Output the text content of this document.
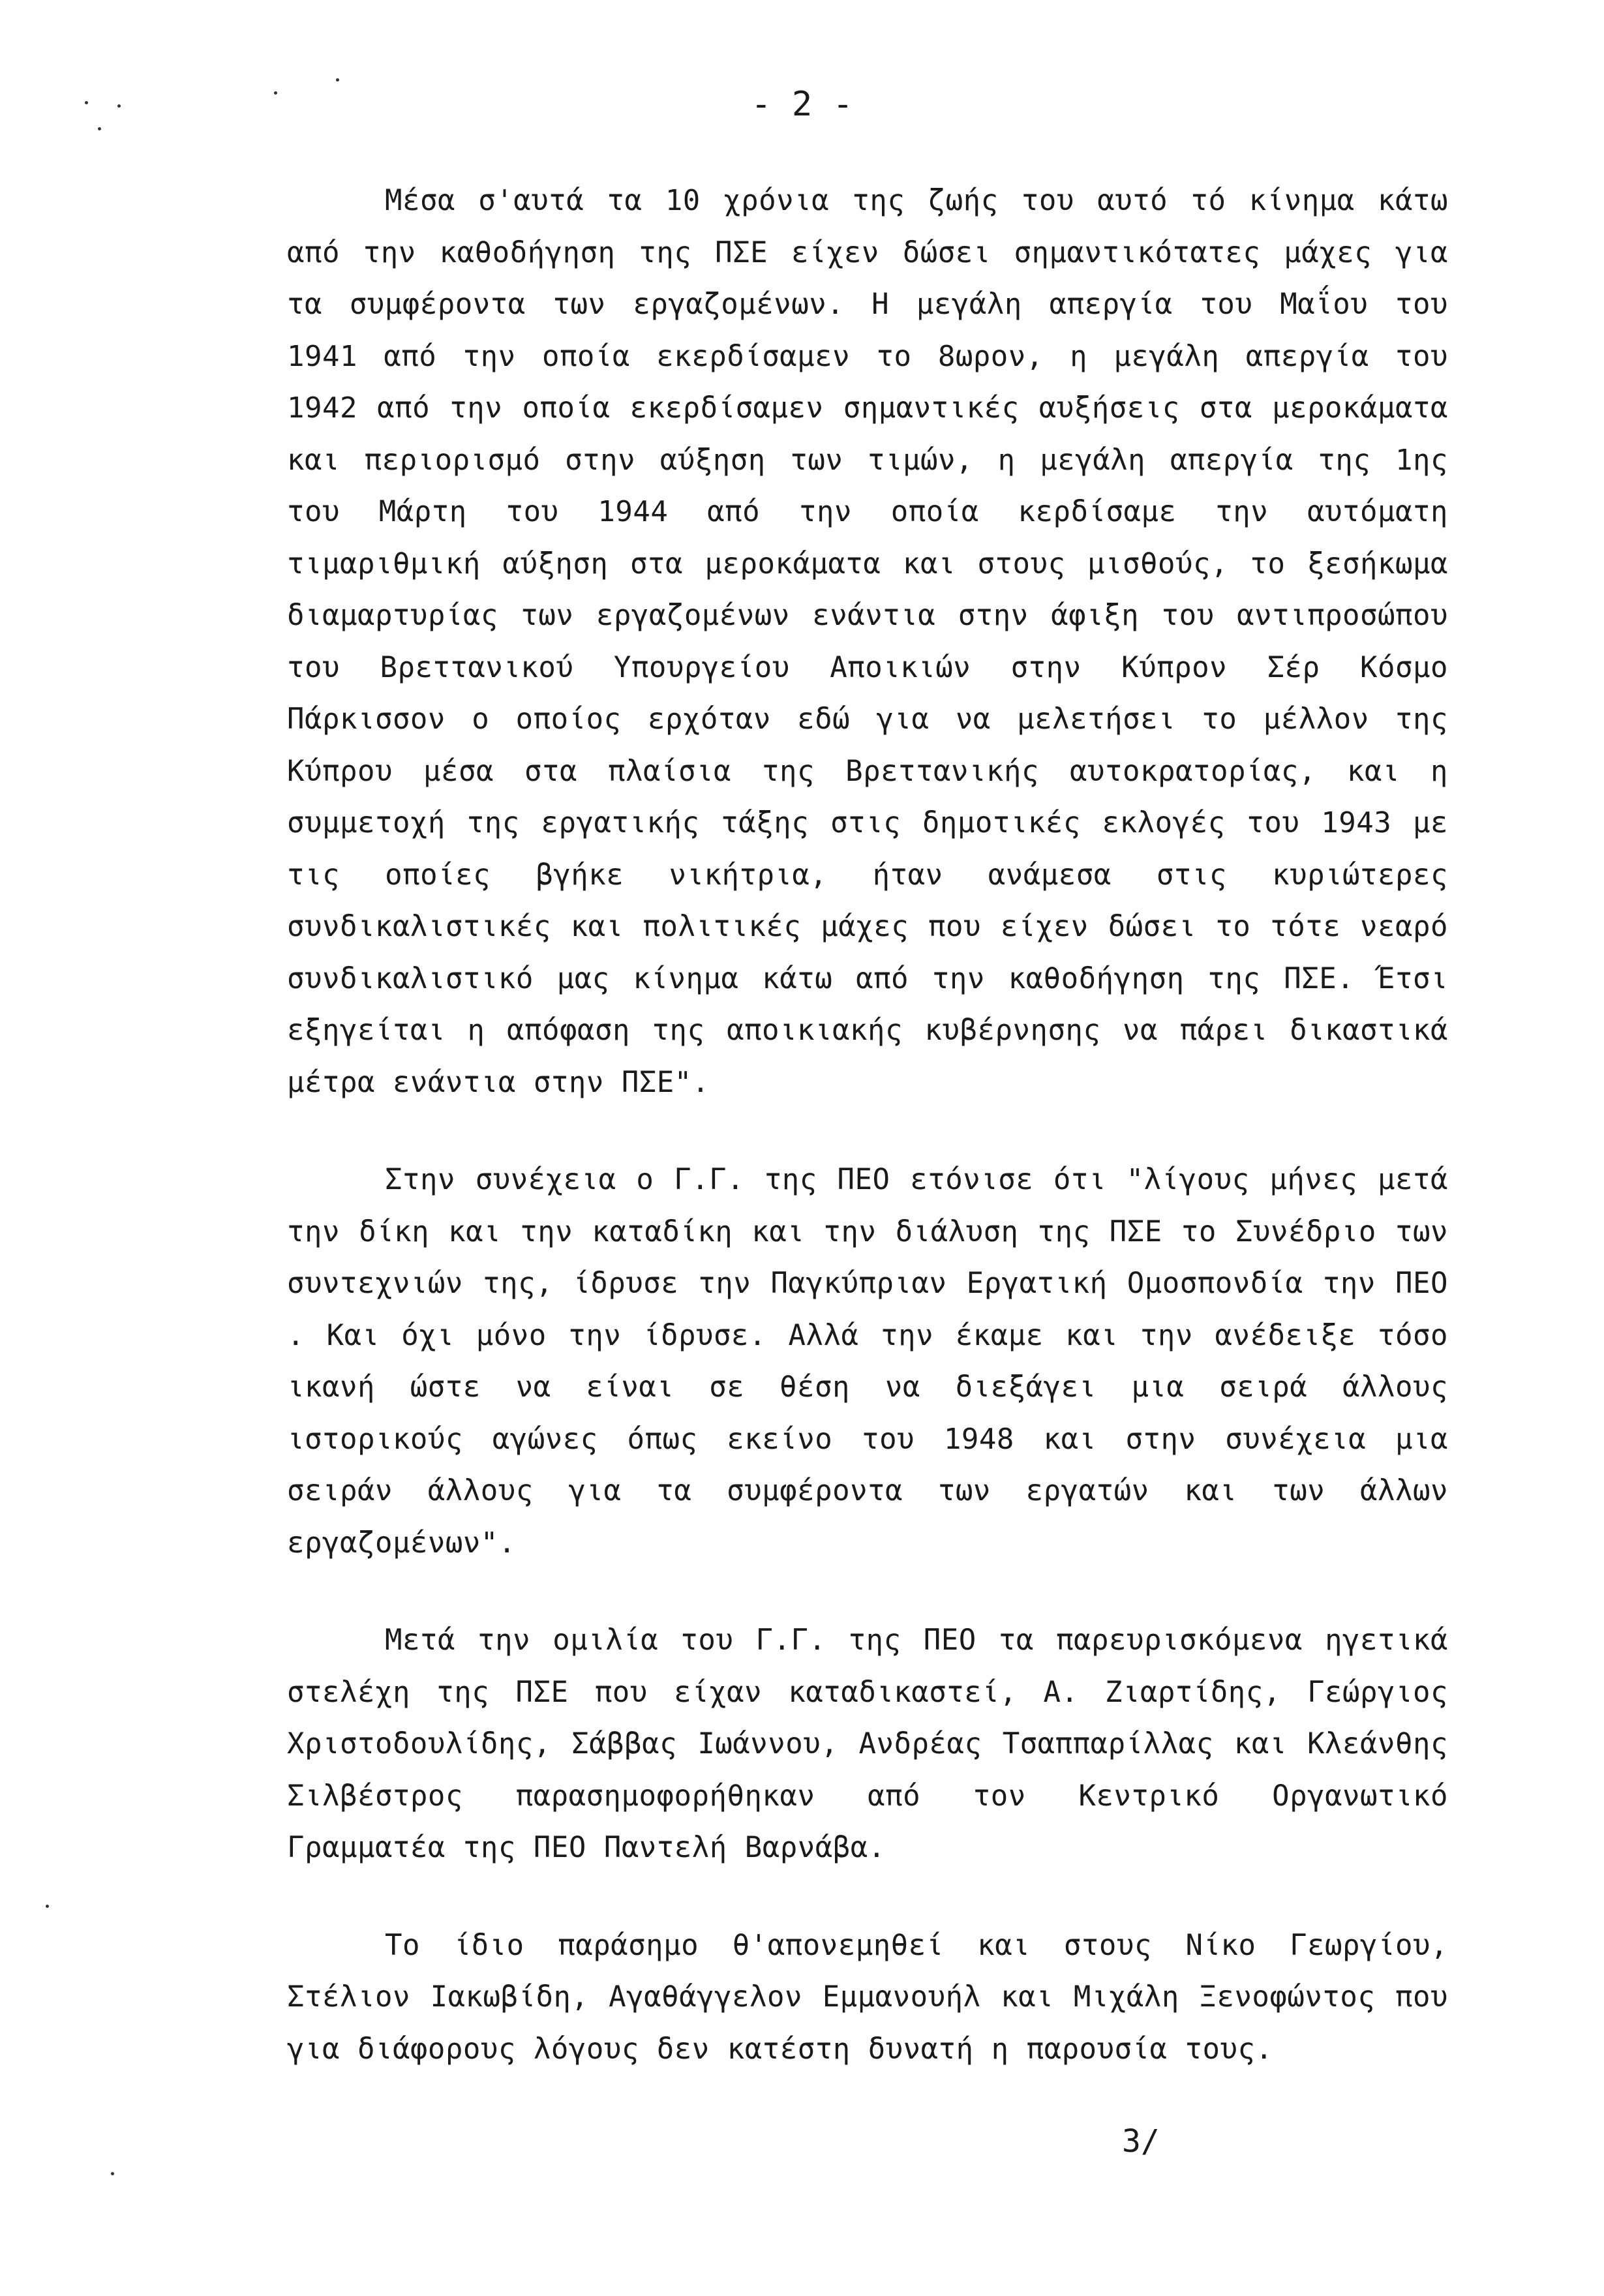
- 2 -

Μέσα σ'αυτά τα 10 χρόνια της ζωής του αυτό τό κίνημα κάτω από την καθοδήγηση της ΠΣΕ είχεν δώσει σημαντικότατες μάχες για τα συμφέροντα των εργαζομένων. Η μεγάλη απεργία του Μαΐου του 1941 από την οποία εκερδίσαμεν το 8ωρον, η μεγάλη απεργία του 1942 από την οποία εκερδίσαμεν σημαντικές αυξήσεις στα μεροκάματα και περιορισμό στην αύξηση των τιμών, η μεγάλη απεργία της 1ης του Μάρτη του 1944 από την οποία κερδίσαμε την αυτόματη τιμαριθμική αύξηση στα μεροκάματα και στους μισθούς, το ξεσήκωμα διαμαρτυρίας των εργαζομένων ενάντια στην άφιξη του αντιπροσώπου του Βρεττανικού Υπουργείου Αποικιών στην Κύπρον Σέρ Κόσμο Πάρκισσον ο οποίος ερχόταν εδώ για να μελετήσει το μέλλον της Κύπρου μέσα στα πλαίσια της Βρεττανικής αυτοκρατορίας, και η συμμετοχή της εργατικής τάξης στις δημοτικές εκλογές του 1943 με τις οποίες βγήκε νικήτρια, ήταν ανάμεσα στις κυριώτερες συνδικαλιστικές και πολιτικές μάχες που είχεν δώσει το τότε νεαρό συνδικαλιστικό μας κίνημα κάτω από την καθοδήγηση της ΠΣΕ. Έτσι εξηγείται η απόφαση της αποικιακής κυβέρνησης να πάρει δικαστικά μέτρα ενάντια στην ΠΣΕ".

Στην συνέχεια ο Γ.Γ. της ΠΕΟ ετόνισε ότι "λίγους μήνες μετά την δίκη και την καταδίκη και την διάλυση της ΠΣΕ το Συνέδριο των συντεχνιών της, ίδρυσε την Παγκύπριαν Εργατική Ομοσπονδία την ΠΕΟ . Και όχι μόνο την ίδρυσε. Αλλά την έκαμε και την ανέδειξε τόσο ικανή ώστε να είναι σε θέση να διεξάγει μια σειρά άλλους ιστορικούς αγώνες όπως εκείνο του 1948 και στην συνέχεια μια σειράν άλλους για τα συμφέροντα των εργατών και των άλλων εργαζομένων".

Μετά την ομιλία του Γ.Γ. της ΠΕΟ τα παρευρισκόμενα ηγετικά στελέχη της ΠΣΕ που είχαν καταδικαστεί, Α. Ζιαρτίδης, Γεώργιος Χριστοδουλίδης, Σάββας Ιωάννου, Ανδρέας Τσαππαρίλλας και Κλεάνθης Σιλβέστρος παρασημοφορήθηκαν από τον Κεντρικό Οργανωτικό Γραμματέα της ΠΕΟ Παντελή Βαρνάβα.

Το ίδιο παράσημο θ'απονεμηθεί και στους Νίκο Γεωργίου, Στέλιον Ιακωβίδη, Αγαθάγγελον Εμμανουήλ και Μιχάλη Ξενοφώντος που για διάφορους λόγους δεν κατέστη δυνατή η παρουσία τους.

3/
